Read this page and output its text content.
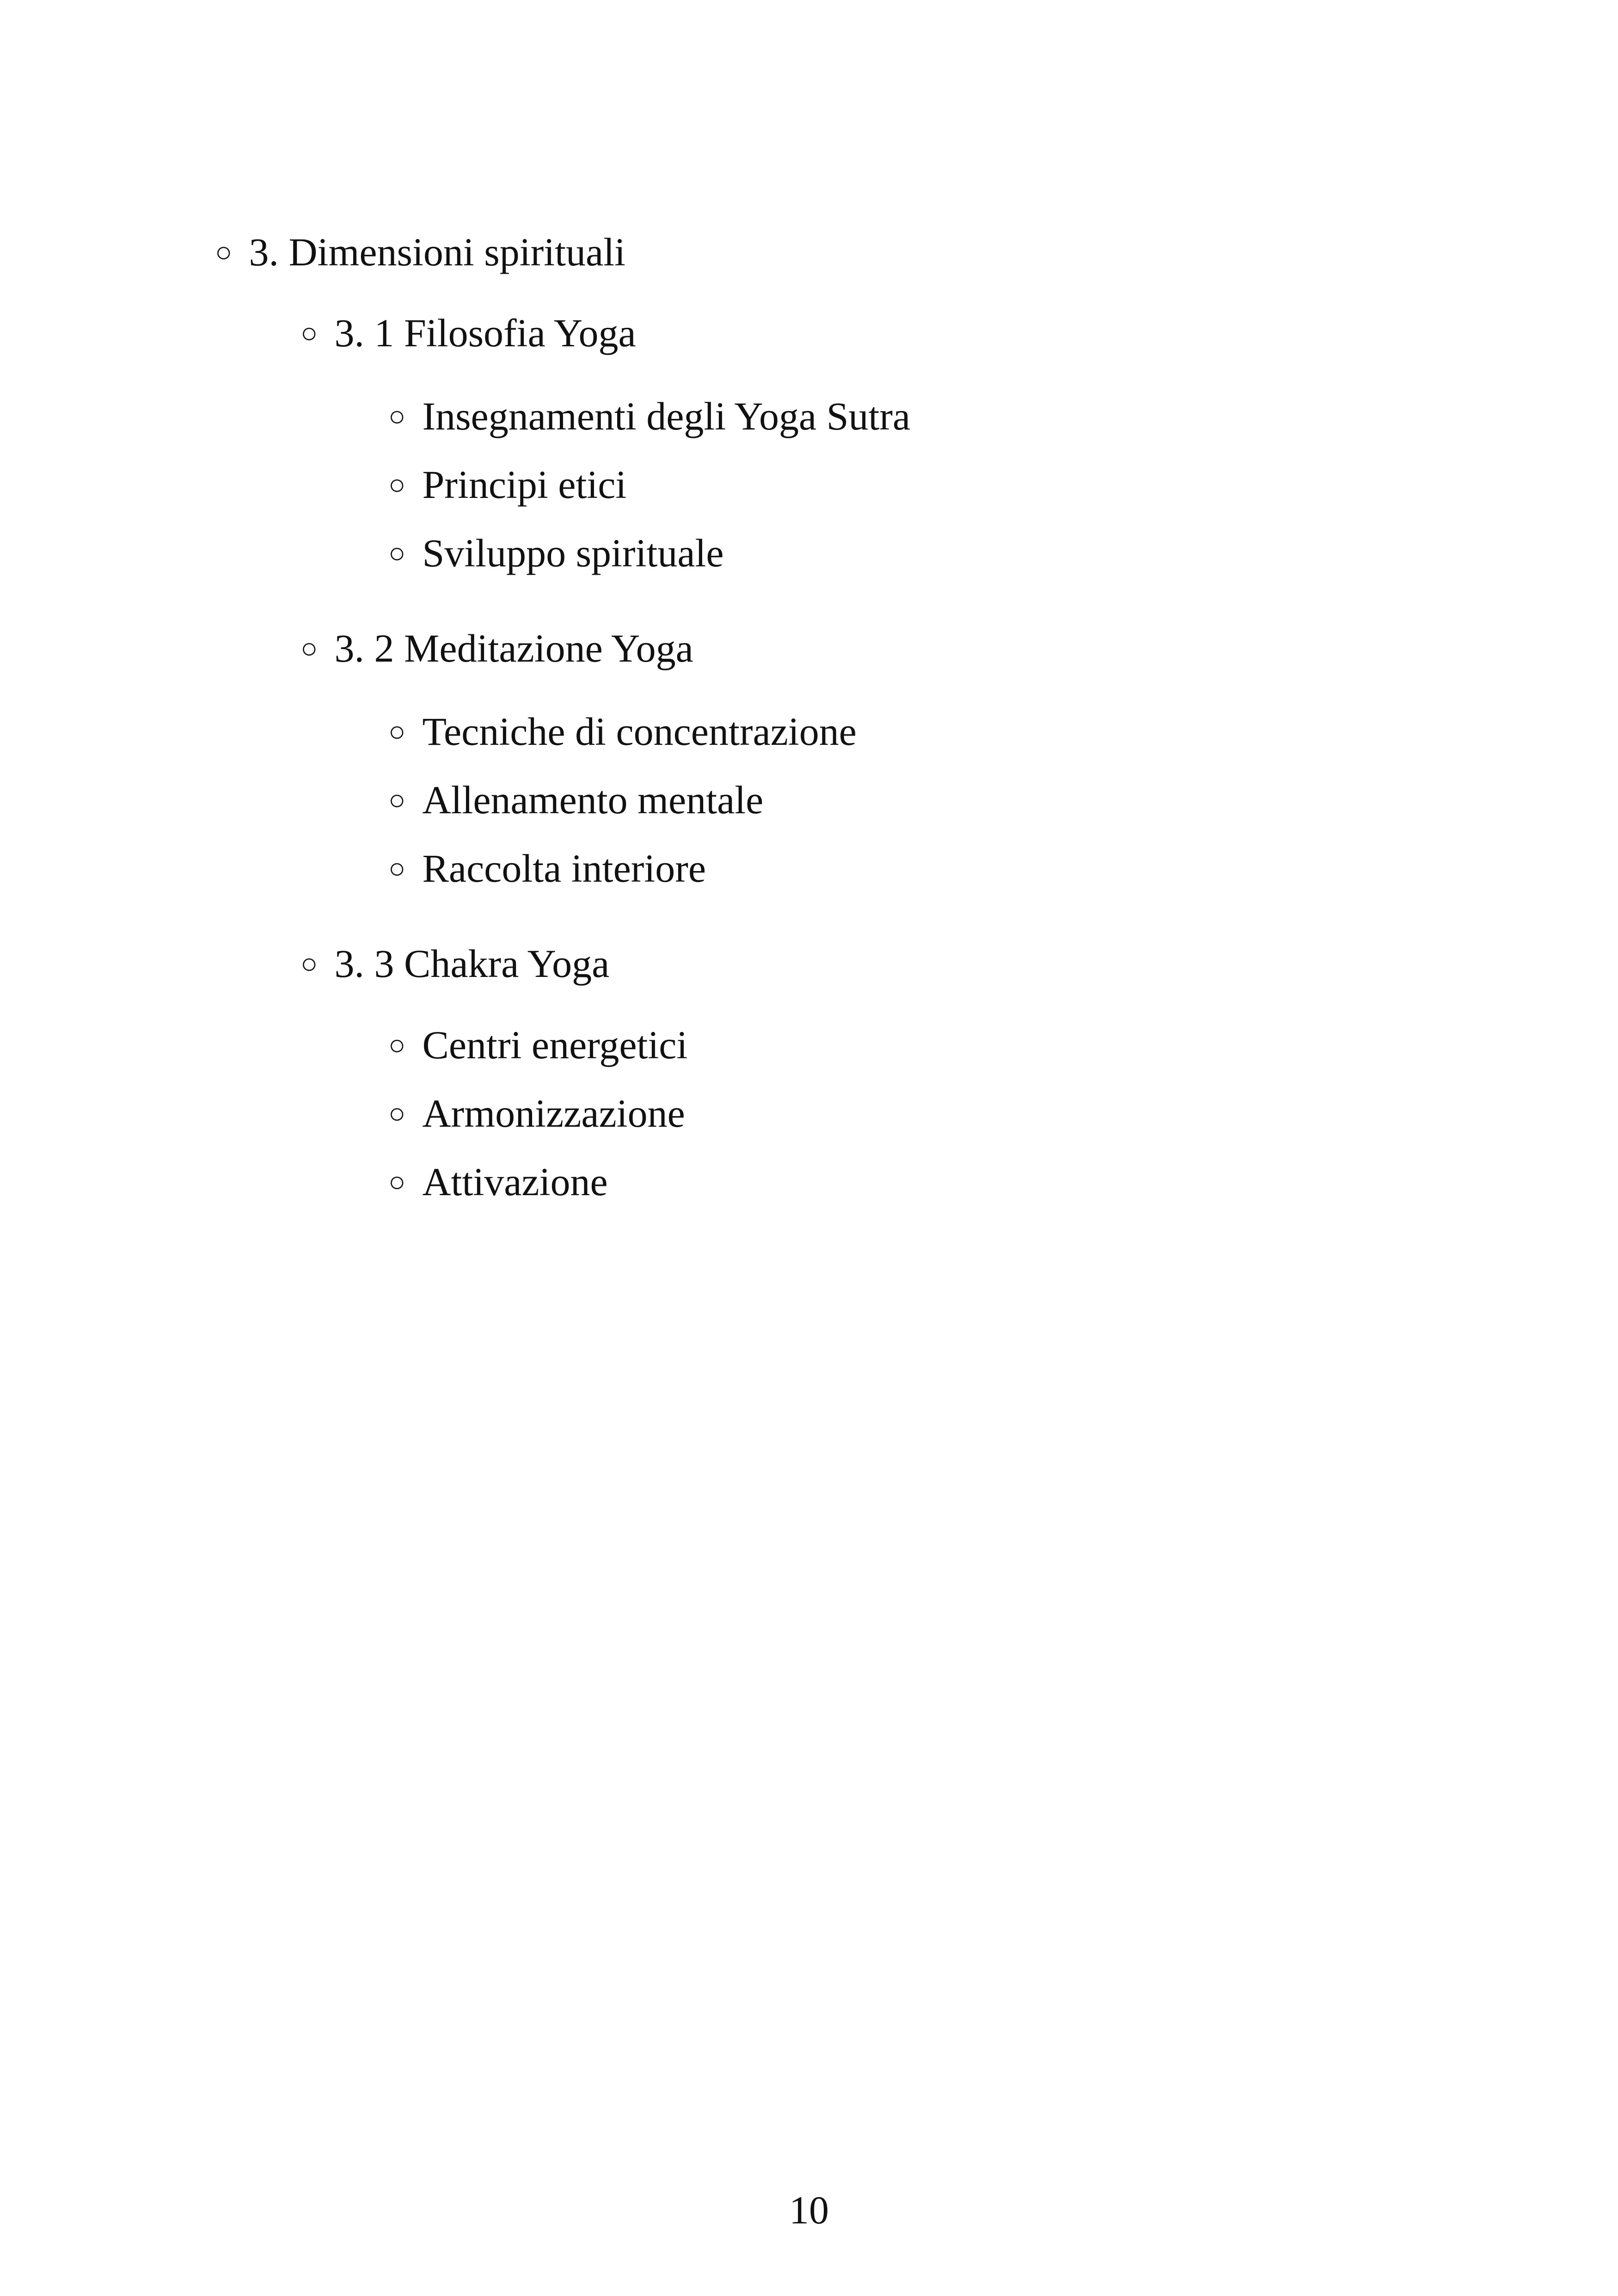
○ 3. Dimensioni spirituali
○ 3. 1 Filosofia Yoga
○ Insegnamenti degli Yoga Sutra
○ Principi etici
○ Sviluppo spirituale
○ 3. 2 Meditazione Yoga
○ Tecniche di concentrazione
○ Allenamento mentale
○ Raccolta interiore
○ 3. 3 Chakra Yoga
○ Centri energetici
○ Armonizzazione
○ Attivazione
10
